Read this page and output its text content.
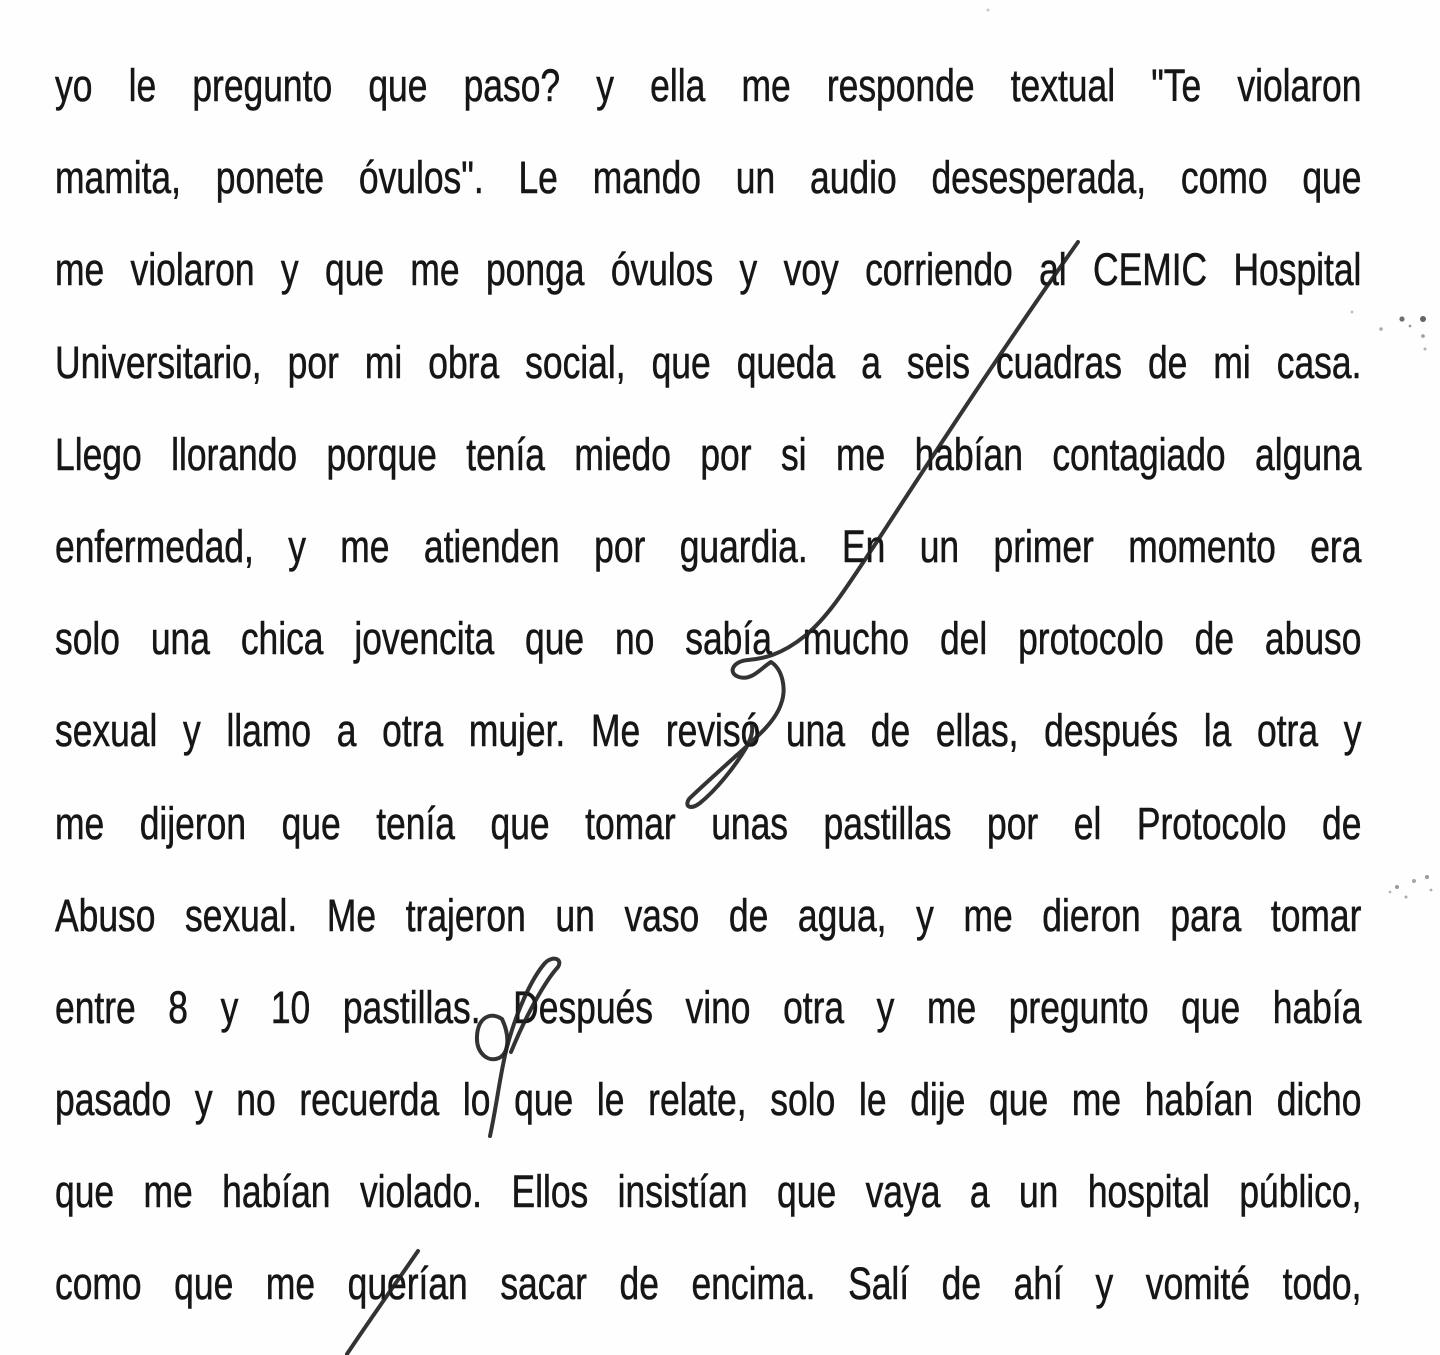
yo le pregunto que paso? y ella me responde textual "Te violaron
mamita, ponete óvulos". Le mando un audio desesperada, como que
me violaron y que me ponga óvulos y voy corriendo al CEMIC Hospital
Universitario, por mi obra social, que queda a seis cuadras de mi casa.
Llego llorando porque tenía miedo por si me habían contagiado alguna
enfermedad, y me atienden por guardia. En un primer momento era
solo una chica jovencita que no sabía mucho del protocolo de abuso
sexual y llamo a otra mujer. Me revisó una de ellas, después la otra y
me dijeron que tenía que tomar unas pastillas por el Protocolo de
Abuso sexual. Me trajeron un vaso de agua, y me dieron para tomar
entre 8 y 10 pastillas. Después vino otra y me pregunto que había
pasado y no recuerda lo que le relate, solo le dije que me habían dicho
que me habían violado. Ellos insistían que vaya a un hospital público,
como que me querían sacar de encima. Salí de ahí y vomité todo,
